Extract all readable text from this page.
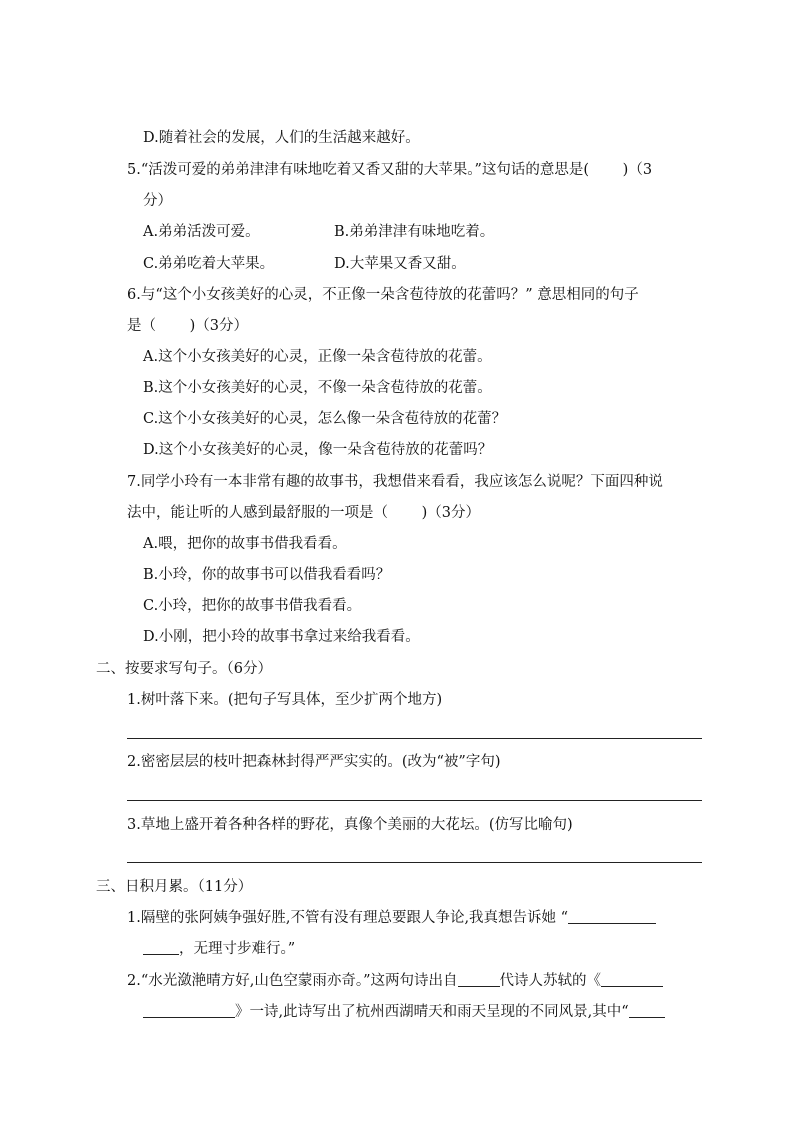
D.随着社会的发展，人们的生活越来越好。
5.“活泼可爱的弟弟津津有味地吃着又香又甜的大苹果。”这句话的意思是(　　 )（3
分）
A.弟弟活泼可爱。	B.弟弟津津有味地吃着。
C.弟弟吃着大苹果。	D.大苹果又香又甜。
6.与“这个小女孩美好的心灵，不正像一朵含苞待放的花蕾吗？” 意思相同的句子
是（　　 )（3分）
A.这个小女孩美好的心灵，正像一朵含苞待放的花蕾。
B.这个小女孩美好的心灵，不像一朵含苞待放的花蕾。
C.这个小女孩美好的心灵，怎么像一朵含苞待放的花蕾？
D.这个小女孩美好的心灵，像一朵含苞待放的花蕾吗？
7.同学小玲有一本非常有趣的故事书，我想借来看看，我应该怎么说呢？下面四种说
法中，能让听的人感到最舒服的一项是（　　 )（3分）
A.喂，把你的故事书借我看看。
B.小玲，你的故事书可以借我看看吗？
C.小玲，把你的故事书借我看看。
D.小刚，把小玲的故事书拿过来给我看看。
二、按要求写句子。（6分）
1.树叶落下来。(把句子写具体，至少扩两个地方)
2.密密层层的枝叶把森林封得严严实实的。(改为“被”字句)
3.草地上盛开着各种各样的野花，真像个美丽的大花坛。(仿写比喻句)
三、日积月累。（11分）
1.隔壁的张阿姨争强好胜,不管有没有理总要跟人争论,我真想告诉她 “
，无理寸步难行。”
2.“水光潋滟晴方好,山色空蒙雨亦奇。”这两句诗出自	代诗人苏轼的《
》一诗,此诗写出了杭州西湖晴天和雨天呈现的不同风景,其中“
